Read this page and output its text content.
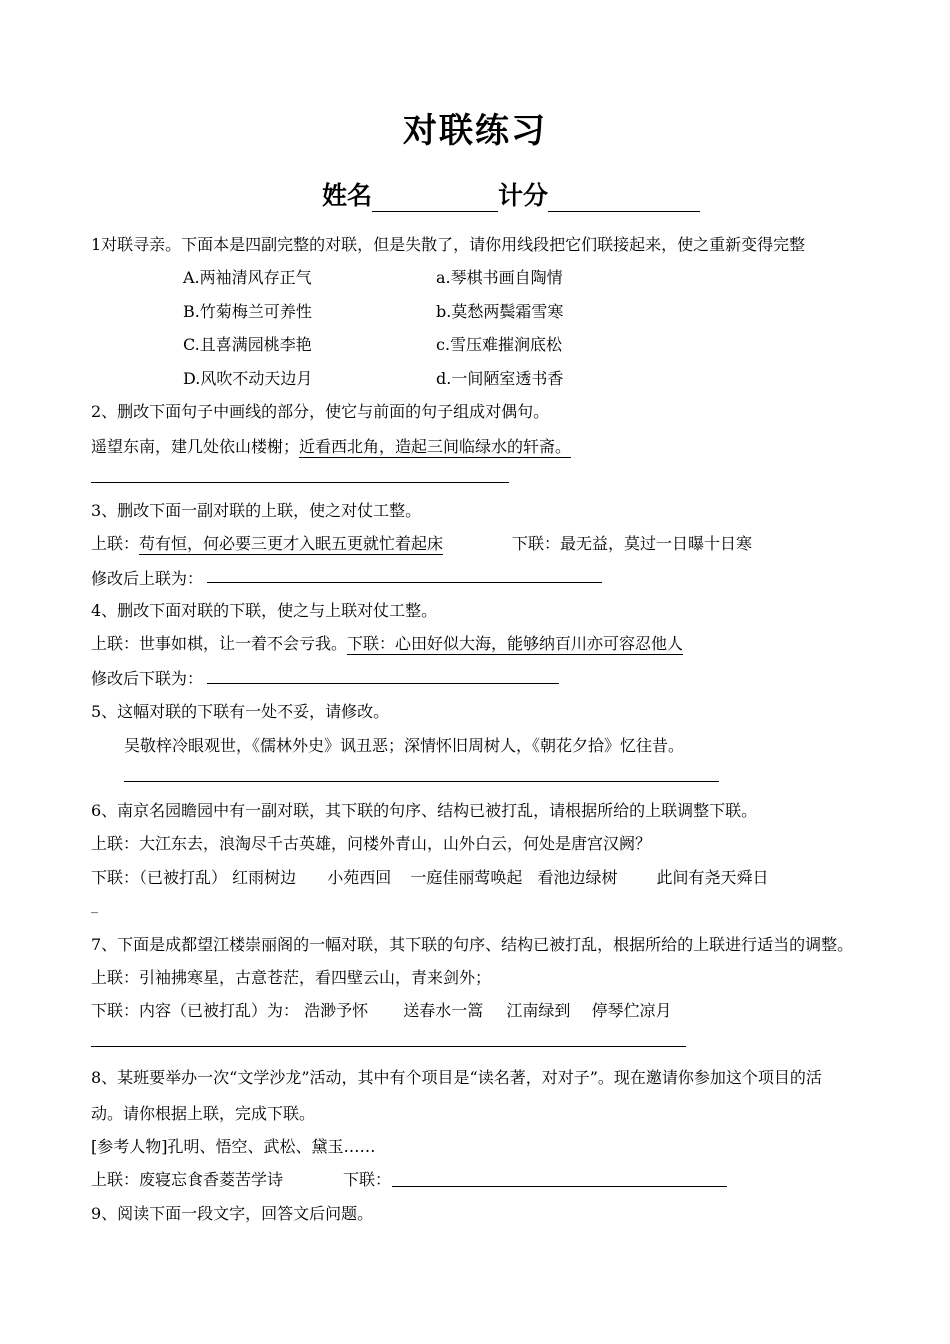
对联练习
姓名	计分
1对联寻亲。下面本是四副完整的对联，但是失散了，请你用线段把它们联接起来，使之重新变得完整
A.两袖清风存正气	a.琴棋书画自陶情
B.竹菊梅兰可养性	b.莫愁两鬓霜雪寒
C.且喜满园桃李艳	c.雪压难摧涧底松
D.风吹不动天边月	d.一间陋室透书香
2、删改下面句子中画线的部分，使它与前面的句子组成对偶句。
遥望东南，建几处依山楼榭；近看西北角，造起三间临绿水的轩斋。
3、删改下面一副对联的上联，使之对仗工整。
上联：苟有恒，何必要三更才入眠五更就忙着起床	下联：最无益，莫过一日曝十日寒
修改后上联为：
4、删改下面对联的下联，使之与上联对仗工整。
上联：世事如棋，让一着不会亏我。下联：心田好似大海，能够纳百川亦可容忍他人
修改后下联为：
5、这幅对联的下联有一处不妥，请修改。
吴敬梓冷眼观世，《儒林外史》讽丑恶；深情怀旧周树人，《朝花夕拾》忆往昔。
6、南京名园瞻园中有一副对联，其下联的句序、结构已被打乱，请根据所给的上联调整下联。
上联：大江东去，浪淘尽千古英雄，问楼外青山，山外白云，何处是唐宫汉阙？
下联：（已被打乱） 红雨树边 小苑西回 一庭佳丽莺唤起 看池边绿树 此间有尧天舜日
_
7、下面是成都望江楼崇丽阁的一幅对联，其下联的句序、结构已被打乱，根据所给的上联进行适当的调整。
上联：引袖拂寒星，古意苍茫，看四壁云山，青来剑外；
下联：内容（已被打乱）为： 浩渺予怀 送春水一篙 江南绿到 停琴伫凉月
8、某班要举办一次“文学沙龙”活动，其中有个项目是“读名著，对对子”。现在邀请你参加这个项目的活
动。请你根据上联，完成下联。
[参考人物]孔明、悟空、武松、黛玉……
上联：废寝忘食香菱苦学诗	下联：
9、阅读下面一段文字，回答文后问题。
